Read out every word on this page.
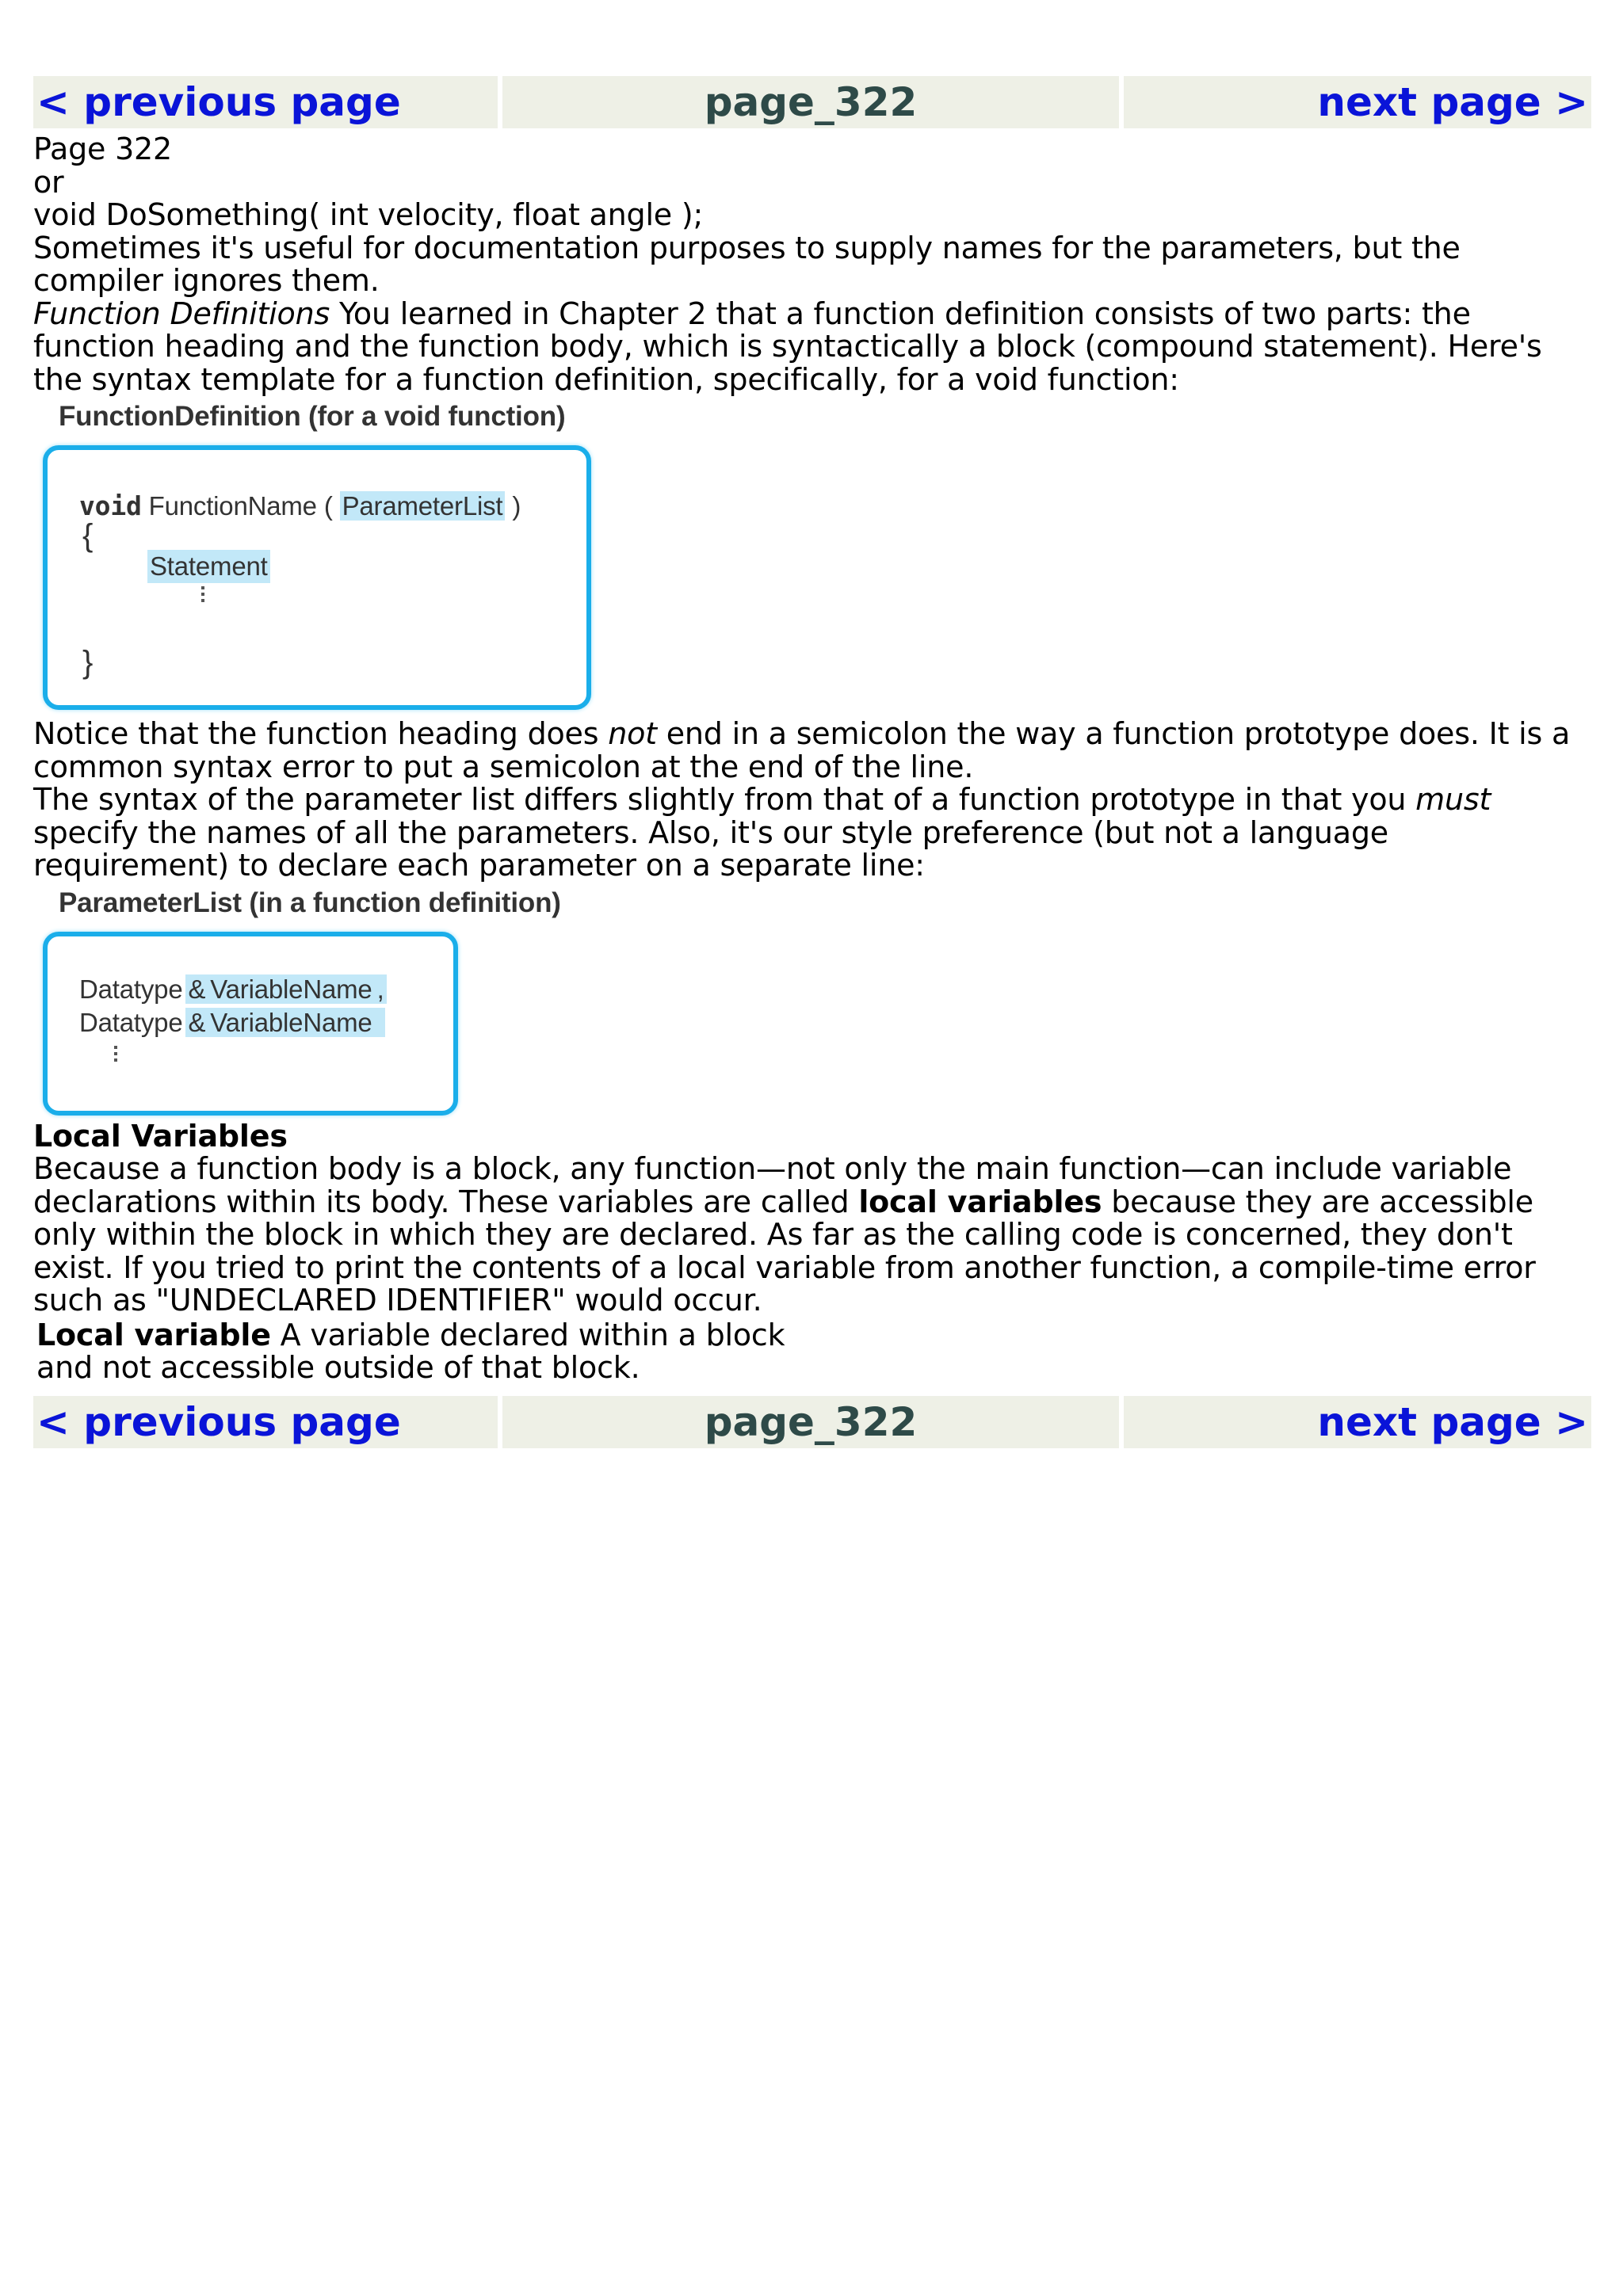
< previous page	page_322	next page >

Page 322

or

void DoSomething( int velocity, float angle );

Sometimes it's useful for documentation purposes to supply names for the parameters, but the compiler ignores them.

Function Definitions You learned in Chapter 2 that a function definition consists of two parts: the function heading and the function body, which is syntactically a block (compound statement). Here's the syntax template for a function definition, specifically, for a void function:

FunctionDefinition (for a void function)
void FunctionName ( ParameterList )
{
Statement
}

Notice that the function heading does not end in a semicolon the way a function prototype does. It is a common syntax error to put a semicolon at the end of the line.

The syntax of the parameter list differs slightly from that of a function prototype in that you must specify the names of all the parameters. Also, it's our style preference (but not a language requirement) to declare each parameter on a separate line:

ParameterList (in a function definition)
Datatype & VariableName ,
Datatype & VariableName

Local Variables

Because a function body is a block, any function—not only the main function—can include variable declarations within its body. These variables are called local variables because they are accessible only within the block in which they are declared. As far as the calling code is concerned, they don't exist. If you tried to print the contents of a local variable from another function, a compile-time error such as "UNDECLARED IDENTIFIER" would occur.

Local variable A variable declared within a block

and not accessible outside of that block.

< previous page	page_322	next page >
